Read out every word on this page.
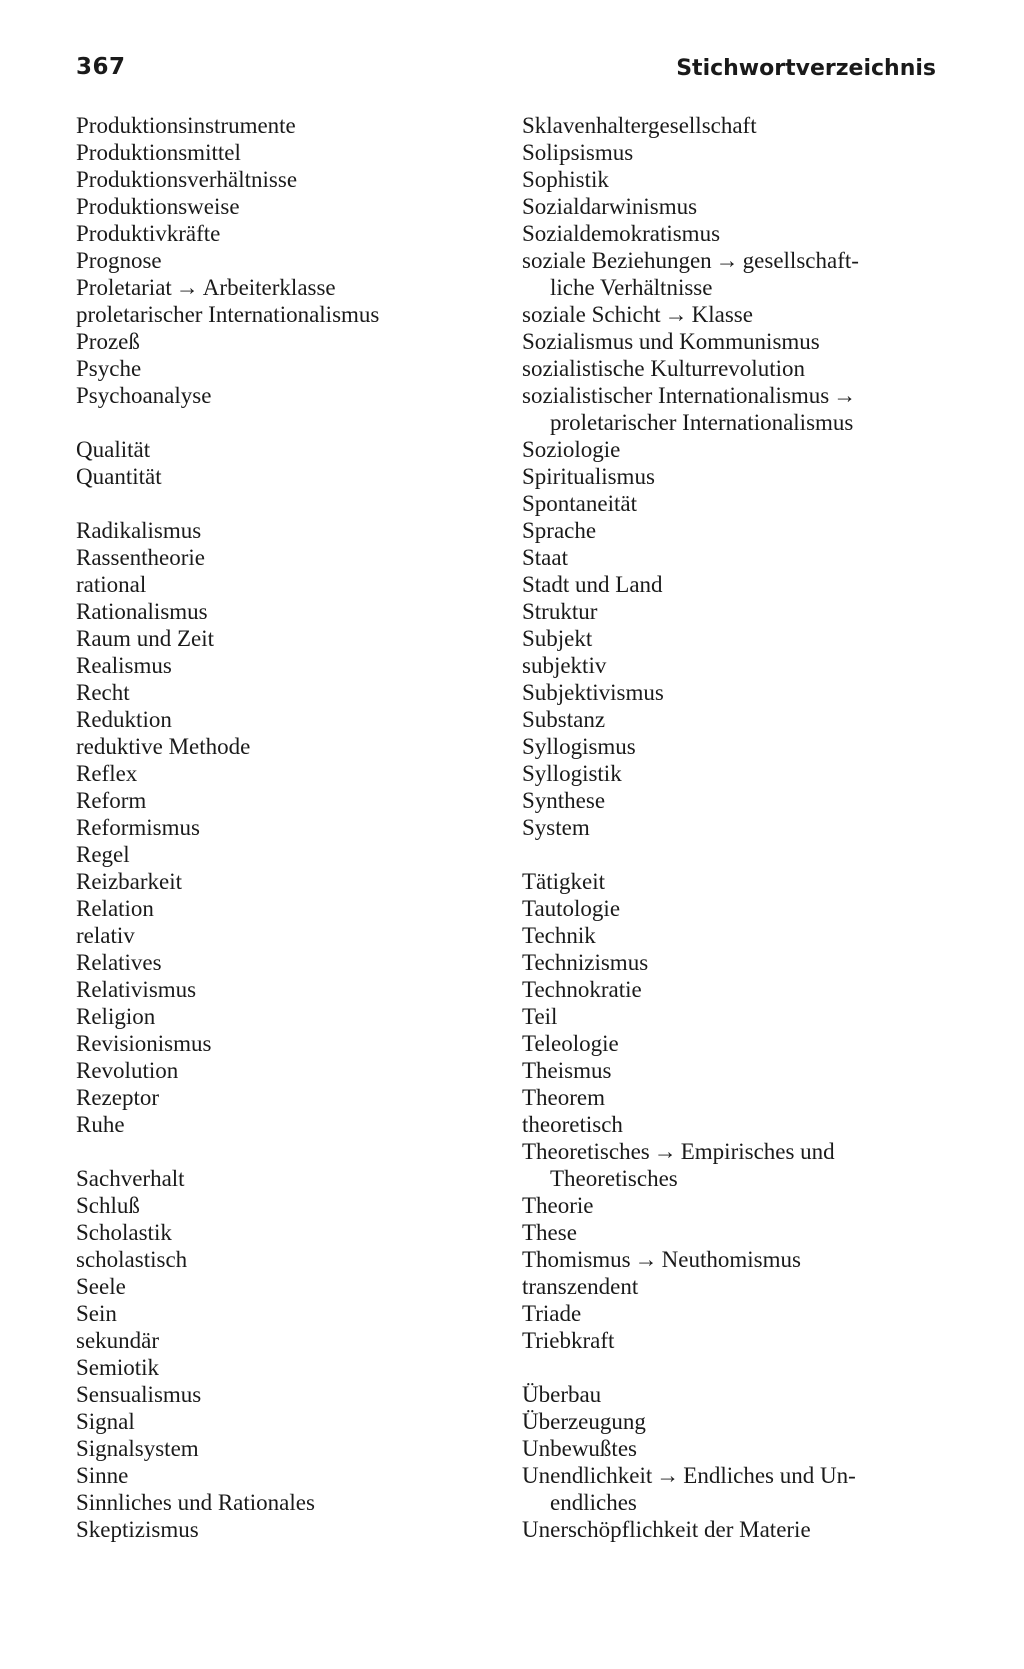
367	Stichwortverzeichnis
Produktionsinstrumente
Produktionsmittel
Produktionsverhältnisse
Produktionsweise
Produktivkräfte
Prognose
Proletariat → Arbeiterklasse
proletarischer Internationalismus
Prozeß
Psyche
Psychoanalyse
Qualität
Quantität
Radikalismus
Rassentheorie
rational
Rationalismus
Raum und Zeit
Realismus
Recht
Reduktion
reduktive Methode
Reflex
Reform
Reformismus
Regel
Reizbarkeit
Relation
relativ
Relatives
Relativismus
Religion
Revisionismus
Revolution
Rezeptor
Ruhe
Sachverhalt
Schluß
Scholastik
scholastisch
Seele
Sein
sekundär
Semiotik
Sensualismus
Signal
Signalsystem
Sinne
Sinnliches und Rationales
Skeptizismus
Sklavenhaltergesellschaft
Solipsismus
Sophistik
Sozialdarwinismus
Sozialdemokratismus
soziale Beziehungen → gesellschaft-
liche Verhältnisse
soziale Schicht → Klasse
Sozialismus und Kommunismus
sozialistische Kulturrevolution
sozialistischer Internationalismus →
proletarischer Internationalismus
Soziologie
Spiritualismus
Spontaneität
Sprache
Staat
Stadt und Land
Struktur
Subjekt
subjektiv
Subjektivismus
Substanz
Syllogismus
Syllogistik
Synthese
System
Tätigkeit
Tautologie
Technik
Technizismus
Technokratie
Teil
Teleologie
Theismus
Theorem
theoretisch
Theoretisches → Empirisches und
Theoretisches
Theorie
These
Thomismus → Neuthomismus
transzendent
Triade
Triebkraft
Überbau
Überzeugung
Unbewußtes
Unendlichkeit → Endliches und Un-
endliches
Unerschöpflichkeit der Materie
